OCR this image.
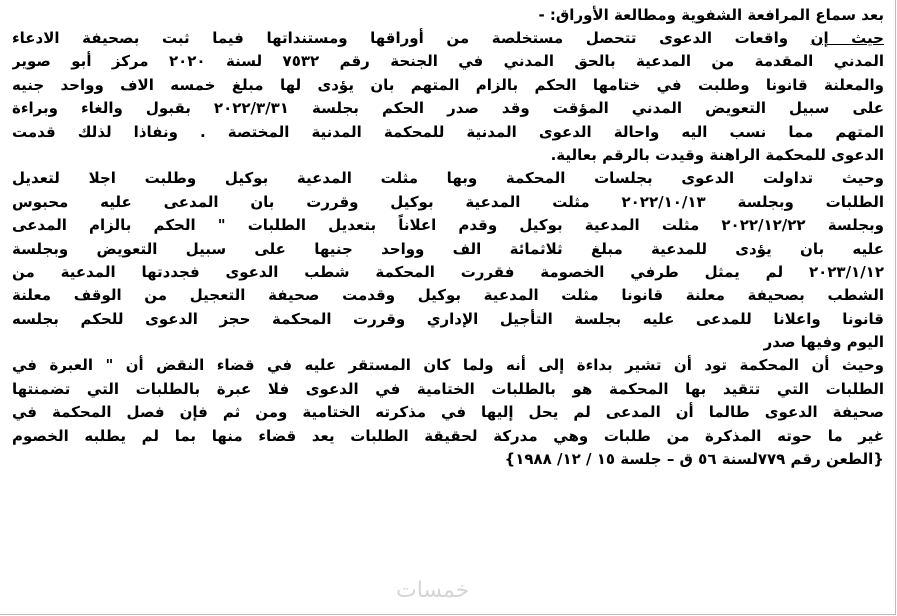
بعد سماع المرافعة الشفوية ومطالعة الأوراق: -
حيث إن واقعات الدعوى تتحصل مستخلصة من أوراقها ومستنداتها فيما ثبت بصحيفة الادعاء
المدني المقدمة من المدعية بالحق المدني في الجنحة رقم ٧٥٣٢ لسنة ٢٠٢٠ مركز أبو صوير
والمعلنة قانونا وطلبت في ختامها الحكم بالزام المتهم بان يؤدى لها مبلغ خمسه الاف وواحد جنيه
على سبيل التعويض المدني المؤقت وقد صدر الحكم بجلسة ٢٠٢٢/٣/٣١ بقبول والغاء وبراءة
المتهم مما نسب اليه واحالة الدعوى المدنية للمحكمة المدنية المختصة . ونفاذا لذلك قدمت
الدعوى للمحكمة الراهنة وقيدت بالرقم بعالية.
وحيث تداولت الدعوى بجلسات المحكمة وبها مثلت المدعية بوكيل وطلبت اجلا لتعديل
الطلبات وبجلسة ٢٠٢٢/١٠/١٣ مثلت المدعية بوكيل وقررت بان المدعى عليه محبوس
وبجلسة ٢٠٢٢/١٢/٢٢ مثلت المدعية بوكيل وقدم اعلاناً بتعديل الطلبات " الحكم بالزام المدعى
عليه بان يؤدى للمدعية مبلغ ثلاثمائة الف وواحد جنيها على سبيل التعويض وبجلسة
٢٠٢٣/١/١٢ لم يمثل طرفي الخصومة فقررت المحكمة شطب الدعوى فجددتها المدعية من
الشطب بصحيفة معلنة قانونا مثلت المدعية بوكيل وقدمت صحيفة التعجيل من الوقف معلنة
قانونا واعلانا للمدعى عليه بجلسة التأجيل الإداري وقررت المحكمة حجز الدعوى للحكم بجلسه
اليوم وفيها صدر
وحيث أن المحكمة تود أن تشير بداءة إلى أنه ولما كان المستقر عليه في قضاء النقض أن " العبرة في
الطلبات التي تتقيد بها المحكمة هو بالطلبات الختامية في الدعوى فلا عبرة بالطلبات التي تضمنتها
صحيفة الدعوى طالما أن المدعى لم يحل إليها في مذكرته الختامية ومن ثم فإن فصل المحكمة في
غير ما حوته المذكرة من طلبات وهي مدركة لحقيقة الطلبات يعد قضاء منها بما لم يطلبه الخصوم
{الطعن رقم ٧٧٩لسنة ٥٦ ق – جلسة ١٥ / ١٢/ ١٩٨٨}
خمسات
